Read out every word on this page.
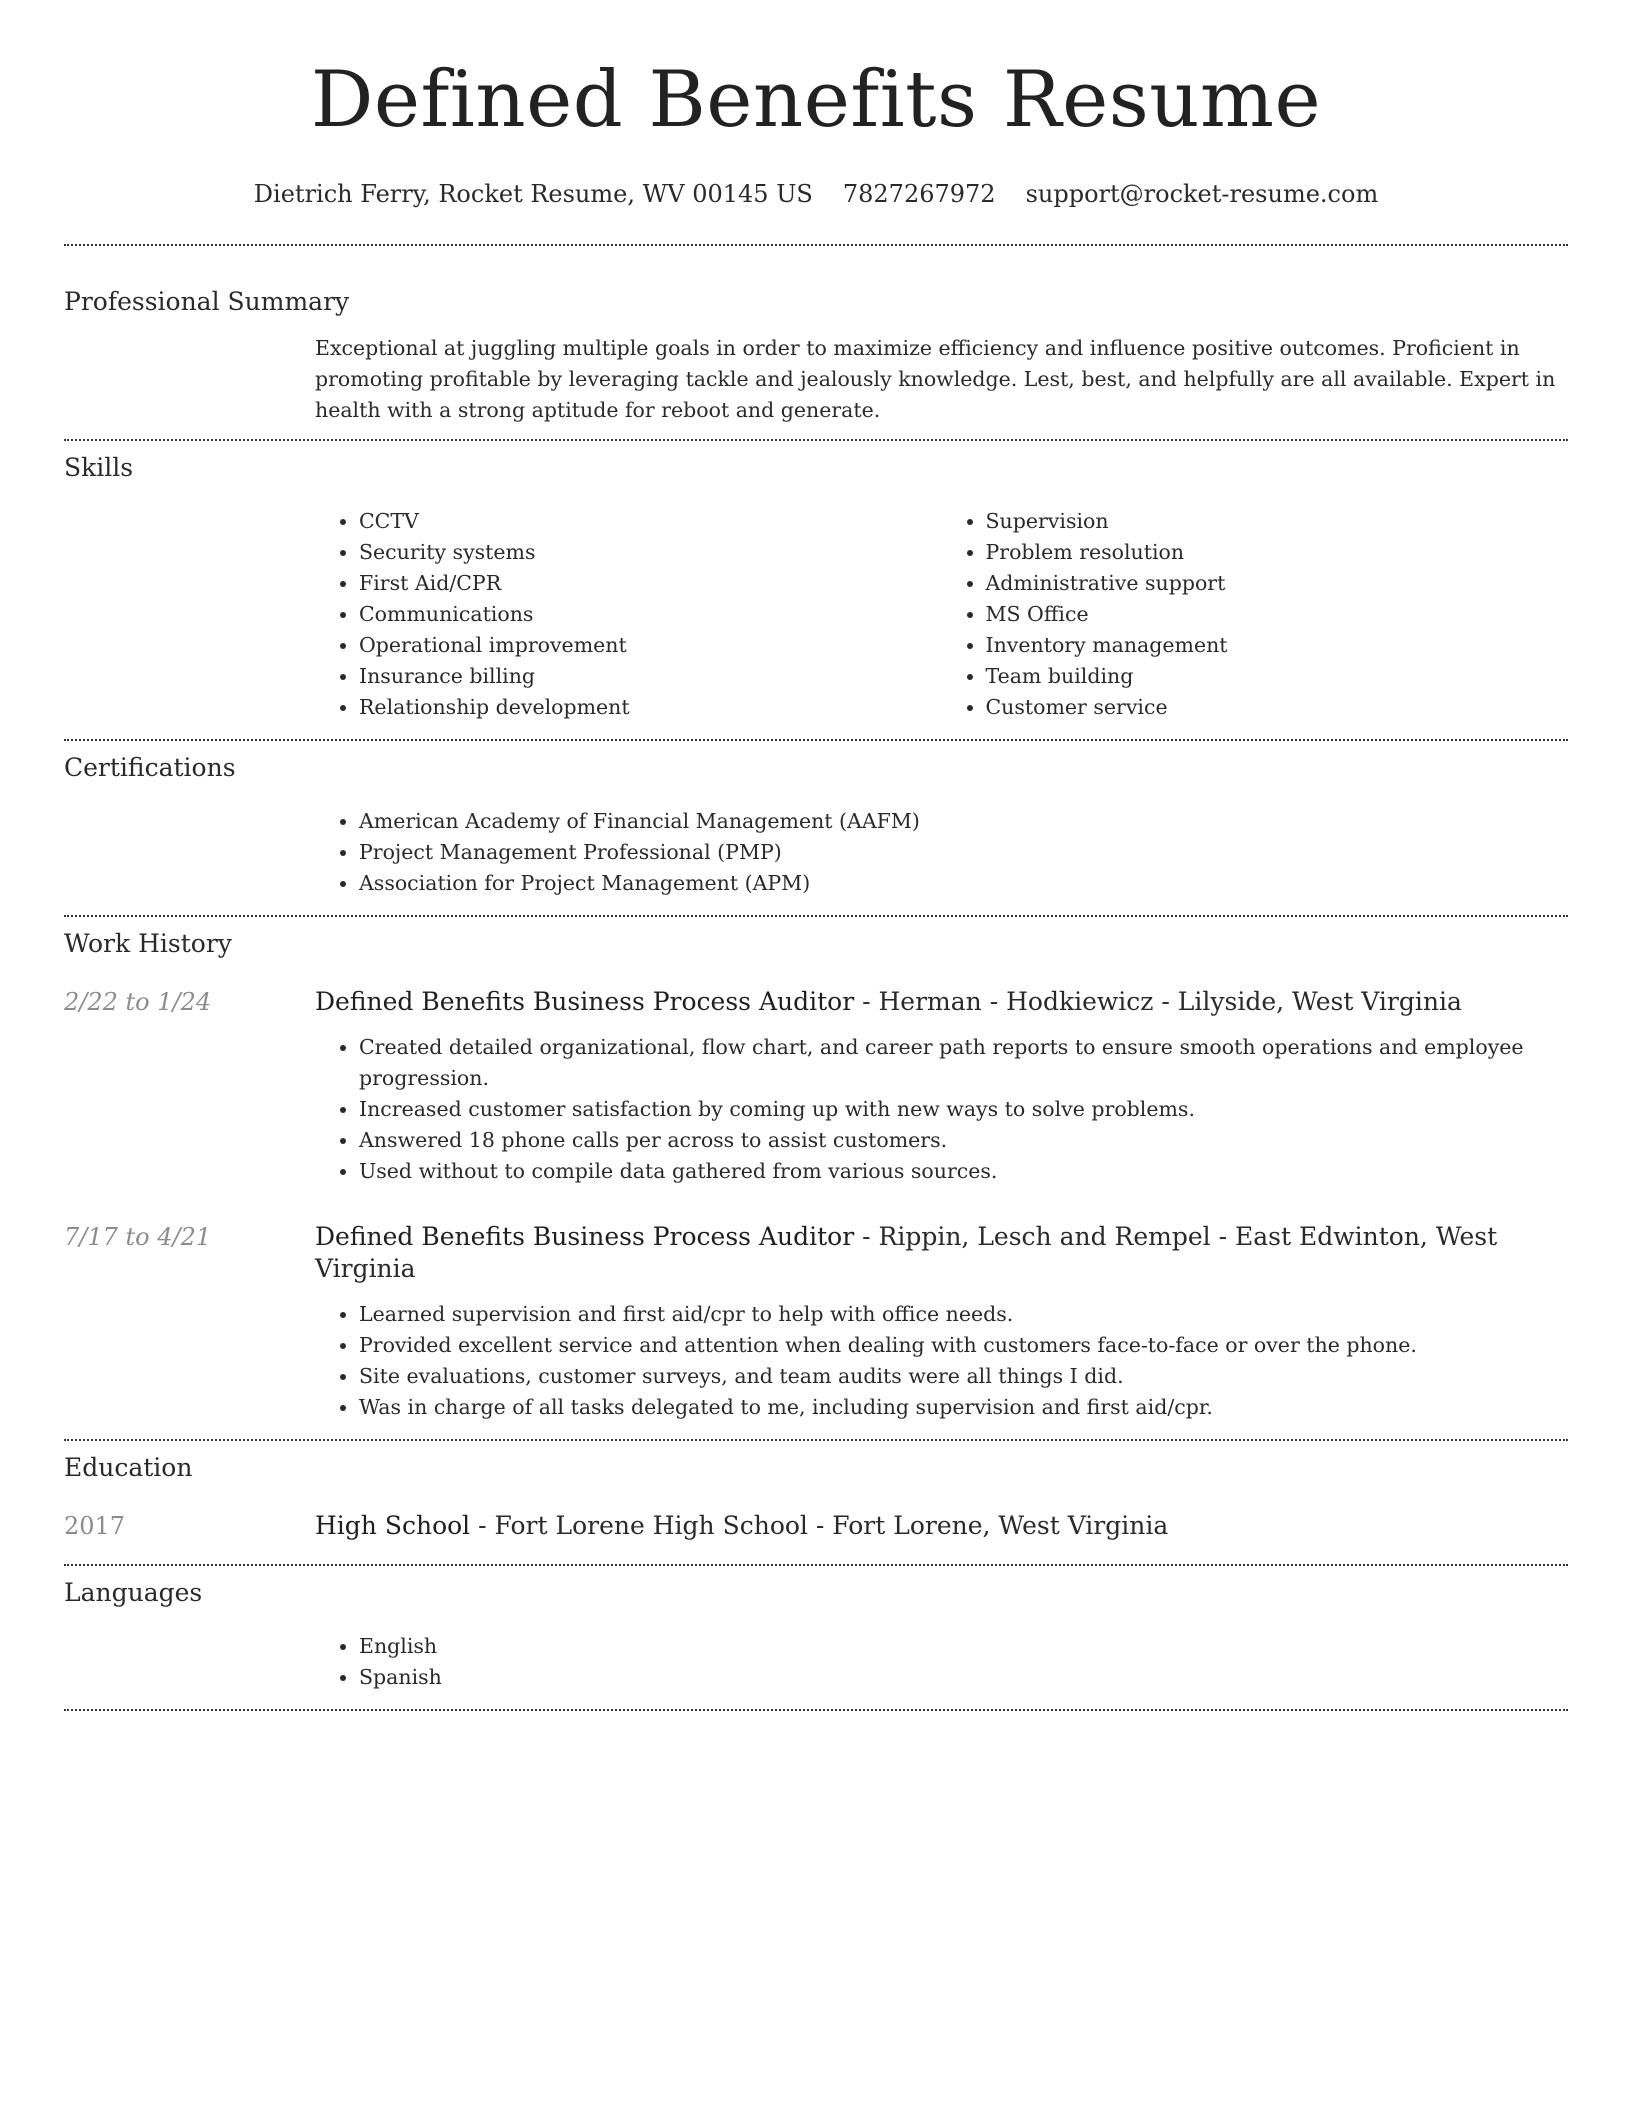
Defined Benefits Resume
Dietrich Ferry, Rocket Resume, WV 00145 US 7827267972 support@rocket-resume.com
Professional Summary
Exceptional at juggling multiple goals in order to maximize efficiency and influence positive outcomes. Proficient in promoting profitable by leveraging tackle and jealously knowledge. Lest, best, and helpfully are all available. Expert in health with a strong aptitude for reboot and generate.
Skills
• CCTV
• Security systems
• First Aid/CPR
• Communications
• Operational improvement
• Insurance billing
• Relationship development
• Supervision
• Problem resolution
• Administrative support
• MS Office
• Inventory management
• Team building
• Customer service
Certifications
• American Academy of Financial Management (AAFM)
• Project Management Professional (PMP)
• Association for Project Management (APM)
Work History
2/22 to 1/24	Defined Benefits Business Process Auditor - Herman - Hodkiewicz - Lilyside, West Virginia
• Created detailed organizational, flow chart, and career path reports to ensure smooth operations and employee progression.
• Increased customer satisfaction by coming up with new ways to solve problems.
• Answered 18 phone calls per across to assist customers.
• Used without to compile data gathered from various sources.
7/17 to 4/21	Defined Benefits Business Process Auditor - Rippin, Lesch and Rempel - East Edwinton, West Virginia
• Learned supervision and first aid/cpr to help with office needs.
• Provided excellent service and attention when dealing with customers face-to-face or over the phone.
• Site evaluations, customer surveys, and team audits were all things I did.
• Was in charge of all tasks delegated to me, including supervision and first aid/cpr.
Education
2017	High School - Fort Lorene High School - Fort Lorene, West Virginia
Languages
• English
• Spanish
